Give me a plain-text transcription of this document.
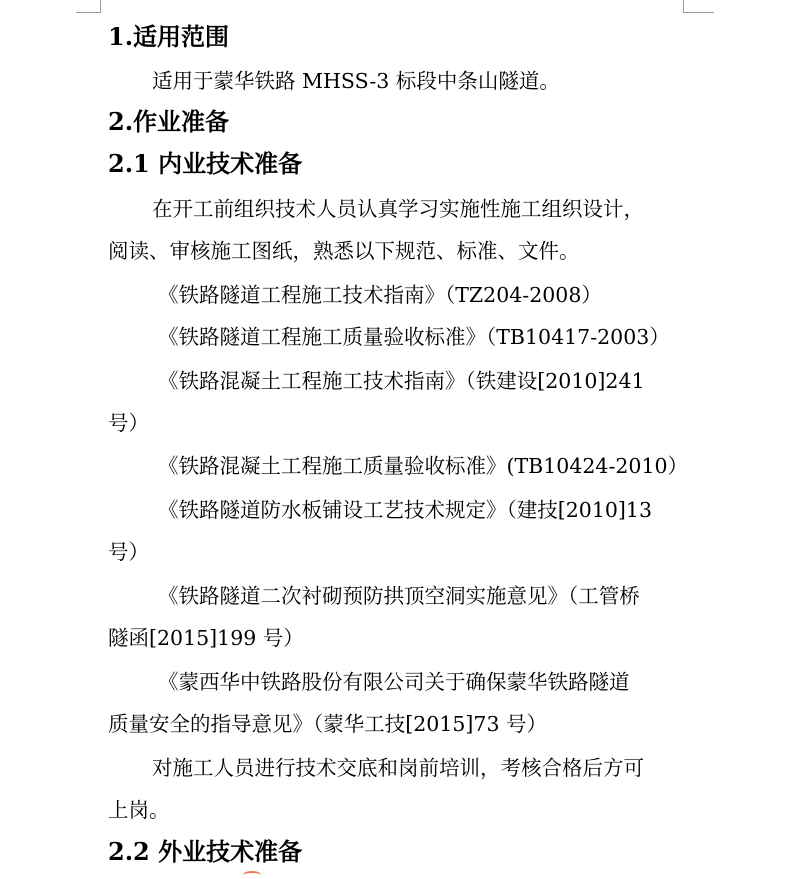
1.适用范围
适用于蒙华铁路 MHSS-3 标段中条山隧道。
2.作业准备
2.1 内业技术准备
在开工前组织技术人员认真学习实施性施工组织设计，
阅读、审核施工图纸，熟悉以下规范、标准、文件。
《铁路隧道工程施工技术指南》（TZ204-2008）
《铁路隧道工程施工质量验收标准》（TB10417-2003）
《铁路混凝土工程施工技术指南》（铁建设[2010]241
号）
《铁路混凝土工程施工质量验收标准》(TB10424-2010）
《铁路隧道防水板铺设工艺技术规定》（建技[2010]13
号）
《铁路隧道二次衬砌预防拱顶空洞实施意见》（工管桥
隧函[2015]199 号）
《蒙西华中铁路股份有限公司关于确保蒙华铁路隧道
质量安全的指导意见》（蒙华工技[2015]73 号）
对施工人员进行技术交底和岗前培训，考核合格后方可
上岗。
2.2 外业技术准备
